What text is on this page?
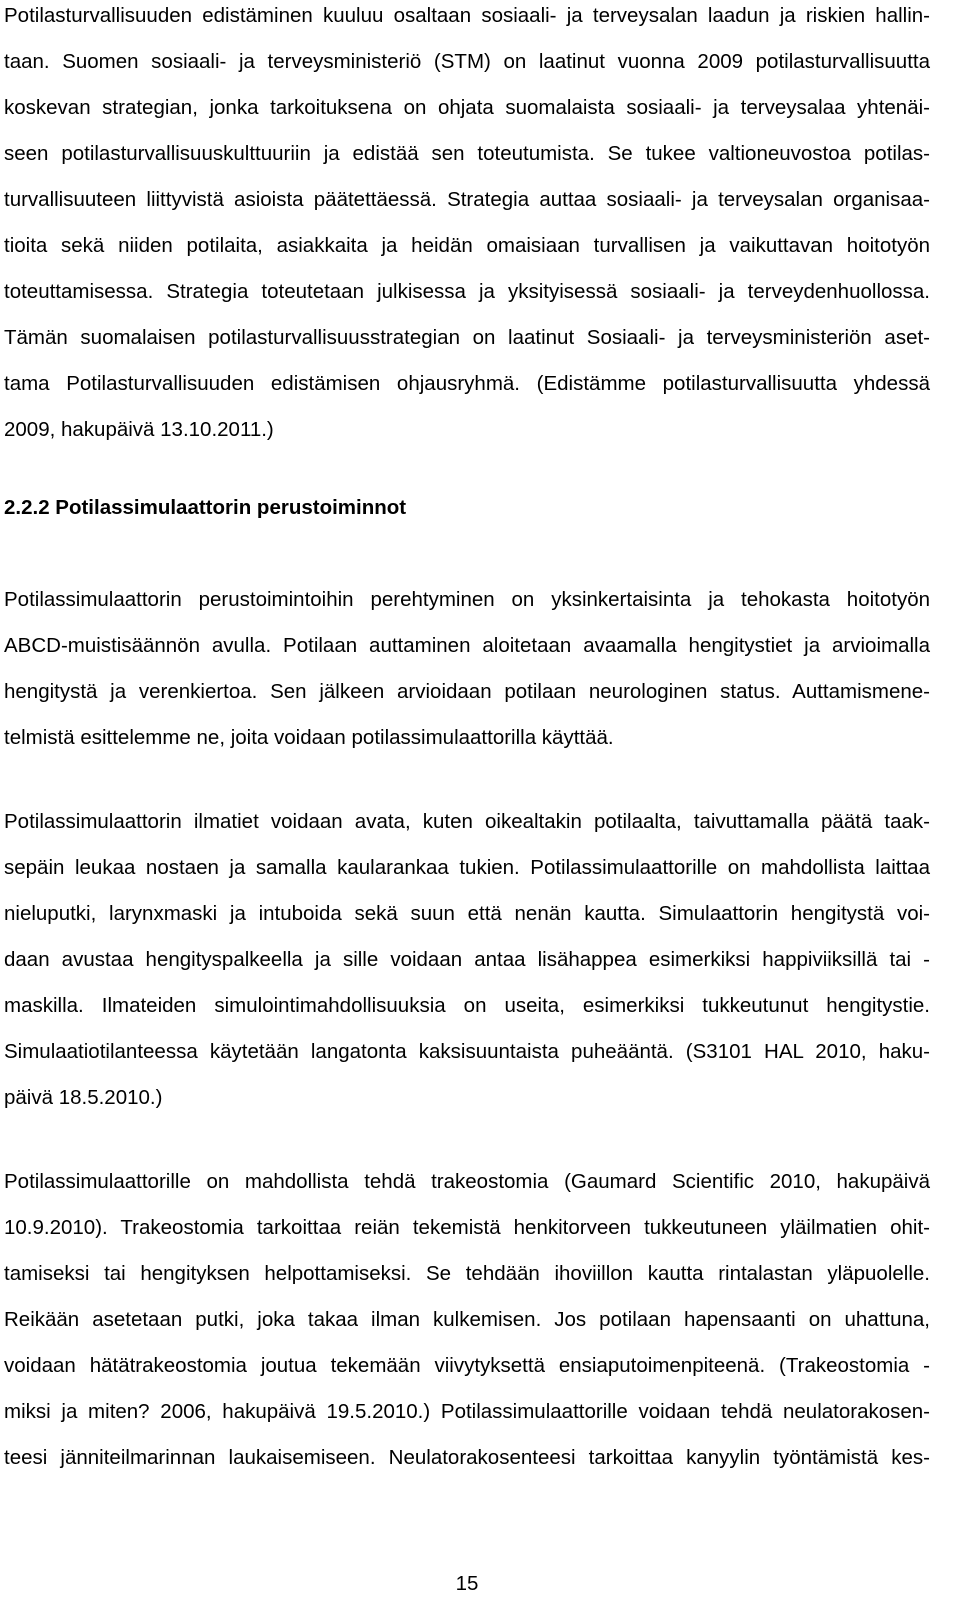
Potilasturvallisuuden edistäminen kuuluu osaltaan sosiaali- ja terveysalan laadun ja riskien hallin-

taan. Suomen sosiaali- ja terveysministeriö (STM) on laatinut vuonna 2009 potilasturvallisuutta

koskevan strategian, jonka tarkoituksena on ohjata suomalaista sosiaali- ja terveysalaa yhtenäi-

seen potilasturvallisuuskulttuuriin ja edistää sen toteutumista. Se tukee valtioneuvostoa potilas-

turvallisuuteen liittyvistä asioista päätettäessä. Strategia auttaa sosiaali- ja terveysalan organisaa-

tioita sekä niiden potilaita, asiakkaita ja heidän omaisiaan turvallisen ja vaikuttavan hoitotyön

toteuttamisessa. Strategia toteutetaan julkisessa ja yksityisessä sosiaali- ja terveydenhuollossa.

Tämän suomalaisen potilasturvallisuusstrategian on laatinut Sosiaali- ja terveysministeriön aset-

tama Potilasturvallisuuden edistämisen ohjausryhmä. (Edistämme potilasturvallisuutta yhdessä

2009, hakupäivä 13.10.2011.)

2.2.2 Potilassimulaattorin perustoiminnot

Potilassimulaattorin perustoimintoihin perehtyminen on yksinkertaisinta ja tehokasta hoitotyön

ABCD-muistisäännön avulla. Potilaan auttaminen aloitetaan avaamalla hengitystiet ja arvioimalla

hengitystä ja verenkiertoa. Sen jälkeen arvioidaan potilaan neurologinen status. Auttamismene-

telmistä esittelemme ne, joita voidaan potilassimulaattorilla käyttää.

Potilassimulaattorin ilmatiet voidaan avata, kuten oikealtakin potilaalta, taivuttamalla päätä taak-

sepäin leukaa nostaen ja samalla kaularankaa tukien. Potilassimulaattorille on mahdollista laittaa

nieluputki, larynxmaski ja intuboida sekä suun että nenän kautta. Simulaattorin hengitystä voi-

daan avustaa hengityspalkeella ja sille voidaan antaa lisähappea esimerkiksi happiviiksillä tai -

maskilla. Ilmateiden simulointimahdollisuuksia on useita, esimerkiksi tukkeutunut hengitystie.

Simulaatiotilanteessa käytetään langatonta kaksisuuntaista puheääntä. (S3101 HAL 2010, haku-

päivä 18.5.2010.)

Potilassimulaattorille on mahdollista tehdä trakeostomia (Gaumard Scientific 2010, hakupäivä

10.9.2010). Trakeostomia tarkoittaa reiän tekemistä henkitorveen tukkeutuneen yläilmatien ohit-

tamiseksi tai hengityksen helpottamiseksi. Se tehdään ihoviillon kautta rintalastan yläpuolelle.

Reikään asetetaan putki, joka takaa ilman kulkemisen. Jos potilaan hapensaanti on uhattuna,

voidaan hätätrakeostomia joutua tekemään viivytyksettä ensiaputoimenpiteenä. (Trakeostomia -

miksi ja miten? 2006, hakupäivä 19.5.2010.) Potilassimulaattorille voidaan tehdä neulatorakosen-

teesi jänniteilmarinnan laukaisemiseen. Neulatorakosenteesi tarkoittaa kanyylin työntämistä kes-

15
